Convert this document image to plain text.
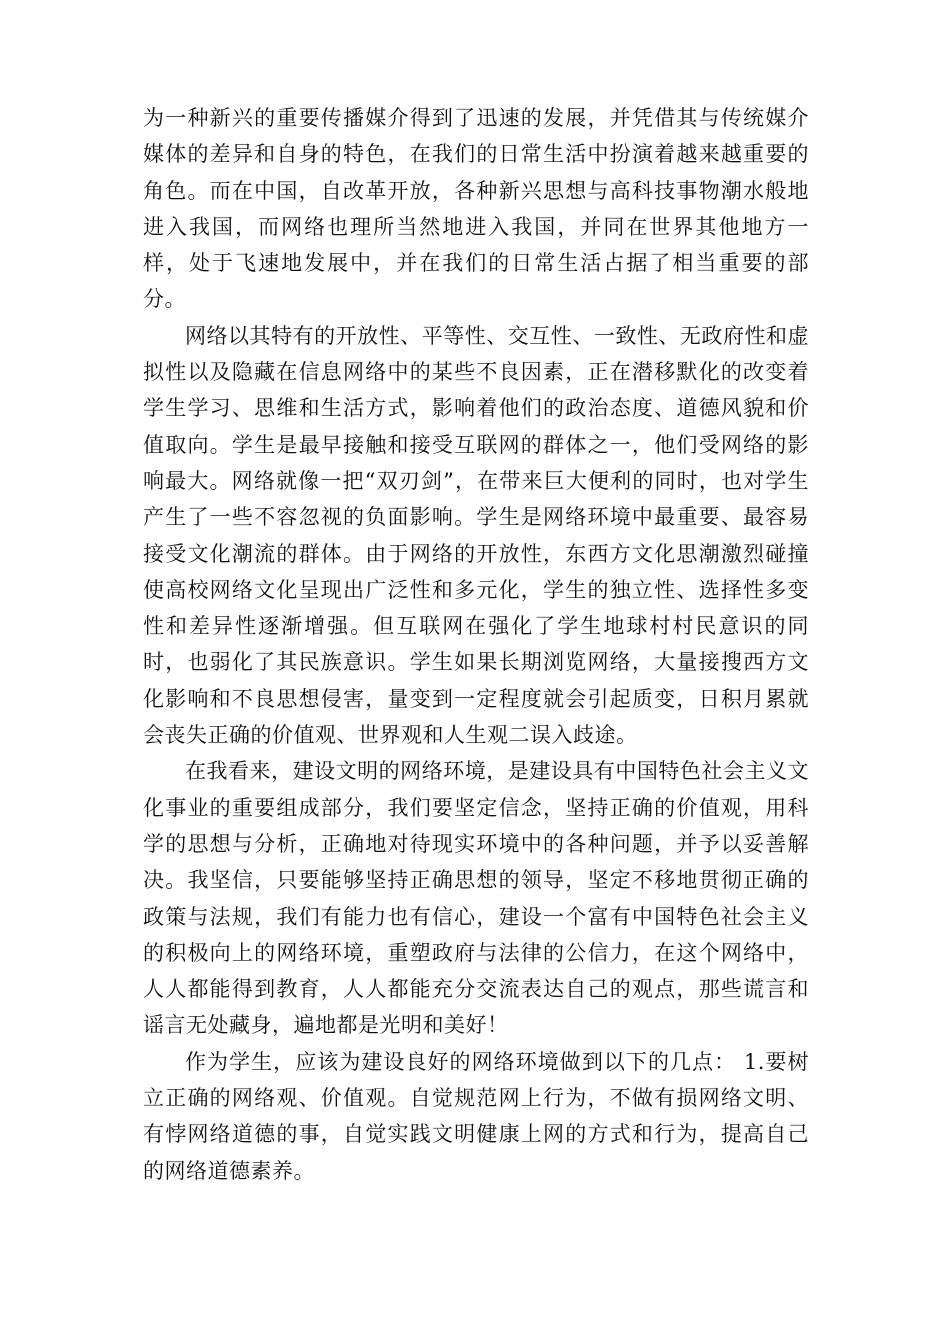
为一种新兴的重要传播媒介得到了迅速的发展，并凭借其与传统媒介媒体的差异和自身的特色，在我们的日常生活中扮演着越来越重要的角色。而在中国，自改革开放，各种新兴思想与高科技事物潮水般地进入我国，而网络也理所当然地进入我国，并同在世界其他地方一样，处于飞速地发展中，并在我们的日常生活占据了相当重要的部分。

网络以其特有的开放性、平等性、交互性、一致性、无政府性和虚拟性以及隐藏在信息网络中的某些不良因素，正在潜移默化的改变着学生学习、思维和生活方式，影响着他们的政治态度、道德风貌和价值取向。学生是最早接触和接受互联网的群体之一，他们受网络的影响最大。网络就像一把“双刃剑”，在带来巨大便利的同时，也对学生产生了一些不容忽视的负面影响。学生是网络环境中最重要、最容易接受文化潮流的群体。由于网络的开放性，东西方文化思潮激烈碰撞使高校网络文化呈现出广泛性和多元化，学生的独立性、选择性多变性和差异性逐渐增强。但互联网在强化了学生地球村村民意识的同时，也弱化了其民族意识。学生如果长期浏览网络，大量接搜西方文化影响和不良思想侵害，量变到一定程度就会引起质变，日积月累就会丧失正确的价值观、世界观和人生观二误入歧途。

在我看来，建设文明的网络环境，是建设具有中国特色社会主义文化事业的重要组成部分，我们要坚定信念，坚持正确的价值观，用科学的思想与分析，正确地对待现实环境中的各种问题，并予以妥善解决。我坚信，只要能够坚持正确思想的领导，坚定不移地贯彻正确的政策与法规，我们有能力也有信心，建设一个富有中国特色社会主义的积极向上的网络环境，重塑政府与法律的公信力，在这个网络中，人人都能得到教育，人人都能充分交流表达自己的观点，那些谎言和谣言无处藏身，遍地都是光明和美好！

作为学生，应该为建设良好的网络环境做到以下的几点： 1.要树立正确的网络观、价值观。自觉规范网上行为，不做有损网络文明、有悖网络道德的事，自觉实践文明健康上网的方式和行为，提高自己的网络道德素养。
